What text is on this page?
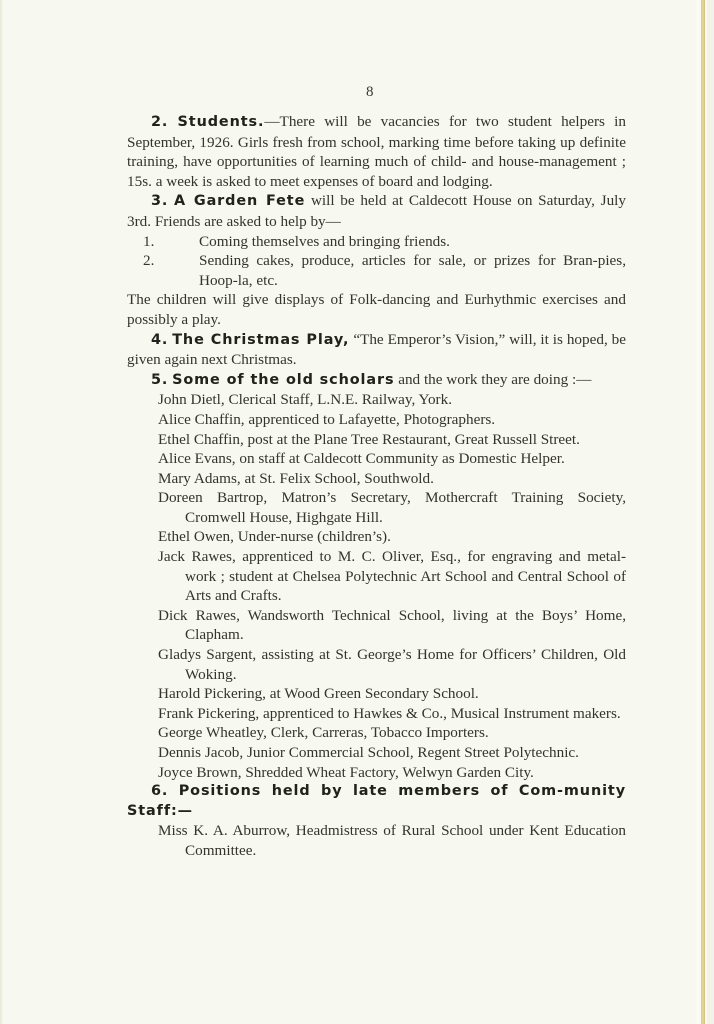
8

2. Students.—There will be vacancies for two student helpers in September, 1926. Girls fresh from school, marking time before taking up definite training, have opportunities of learning much of child- and house-management ; 15s. a week is asked to meet expenses of board and lodging.

3. A Garden Fete will be held at Caldecott House on Saturday, July 3rd. Friends are asked to help by—

1.	Coming themselves and bringing friends.
2.	Sending cakes, produce, articles for sale, or prizes for Bran-pies, Hoop-la, etc.

The children will give displays of Folk-dancing and Eurhythmic exercises and possibly a play.

4. The Christmas Play, “The Emperor’s Vision,” will, it is hoped, be given again next Christmas.

5. Some of the old scholars and the work they are doing :—

John Dietl, Clerical Staff, L.N.E. Railway, York.
Alice Chaffin, apprenticed to Lafayette, Photographers.
Ethel Chaffin, post at the Plane Tree Restaurant, Great Russell Street.
Alice Evans, on staff at Caldecott Community as Domestic Helper.
Mary Adams, at St. Felix School, Southwold.
Doreen Bartrop, Matron’s Secretary, Mothercraft Training Society, Cromwell House, Highgate Hill.
Ethel Owen, Under-nurse (children’s).
Jack Rawes, apprenticed to M. C. Oliver, Esq., for engraving and metal-work ; student at Chelsea Polytechnic Art School and Central School of Arts and Crafts.
Dick Rawes, Wandsworth Technical School, living at the Boys’ Home, Clapham.
Gladys Sargent, assisting at St. George’s Home for Officers’ Children, Old Woking.
Harold Pickering, at Wood Green Secondary School.
Frank Pickering, apprenticed to Hawkes & Co., Musical Instrument makers.
George Wheatley, Clerk, Carreras, Tobacco Importers.
Dennis Jacob, Junior Commercial School, Regent Street Polytechnic.
Joyce Brown, Shredded Wheat Factory, Welwyn Garden City.

6. Positions held by late members of Com-munity Staff:—

Miss K. A. Aburrow, Headmistress of Rural School under Kent Education Committee.
